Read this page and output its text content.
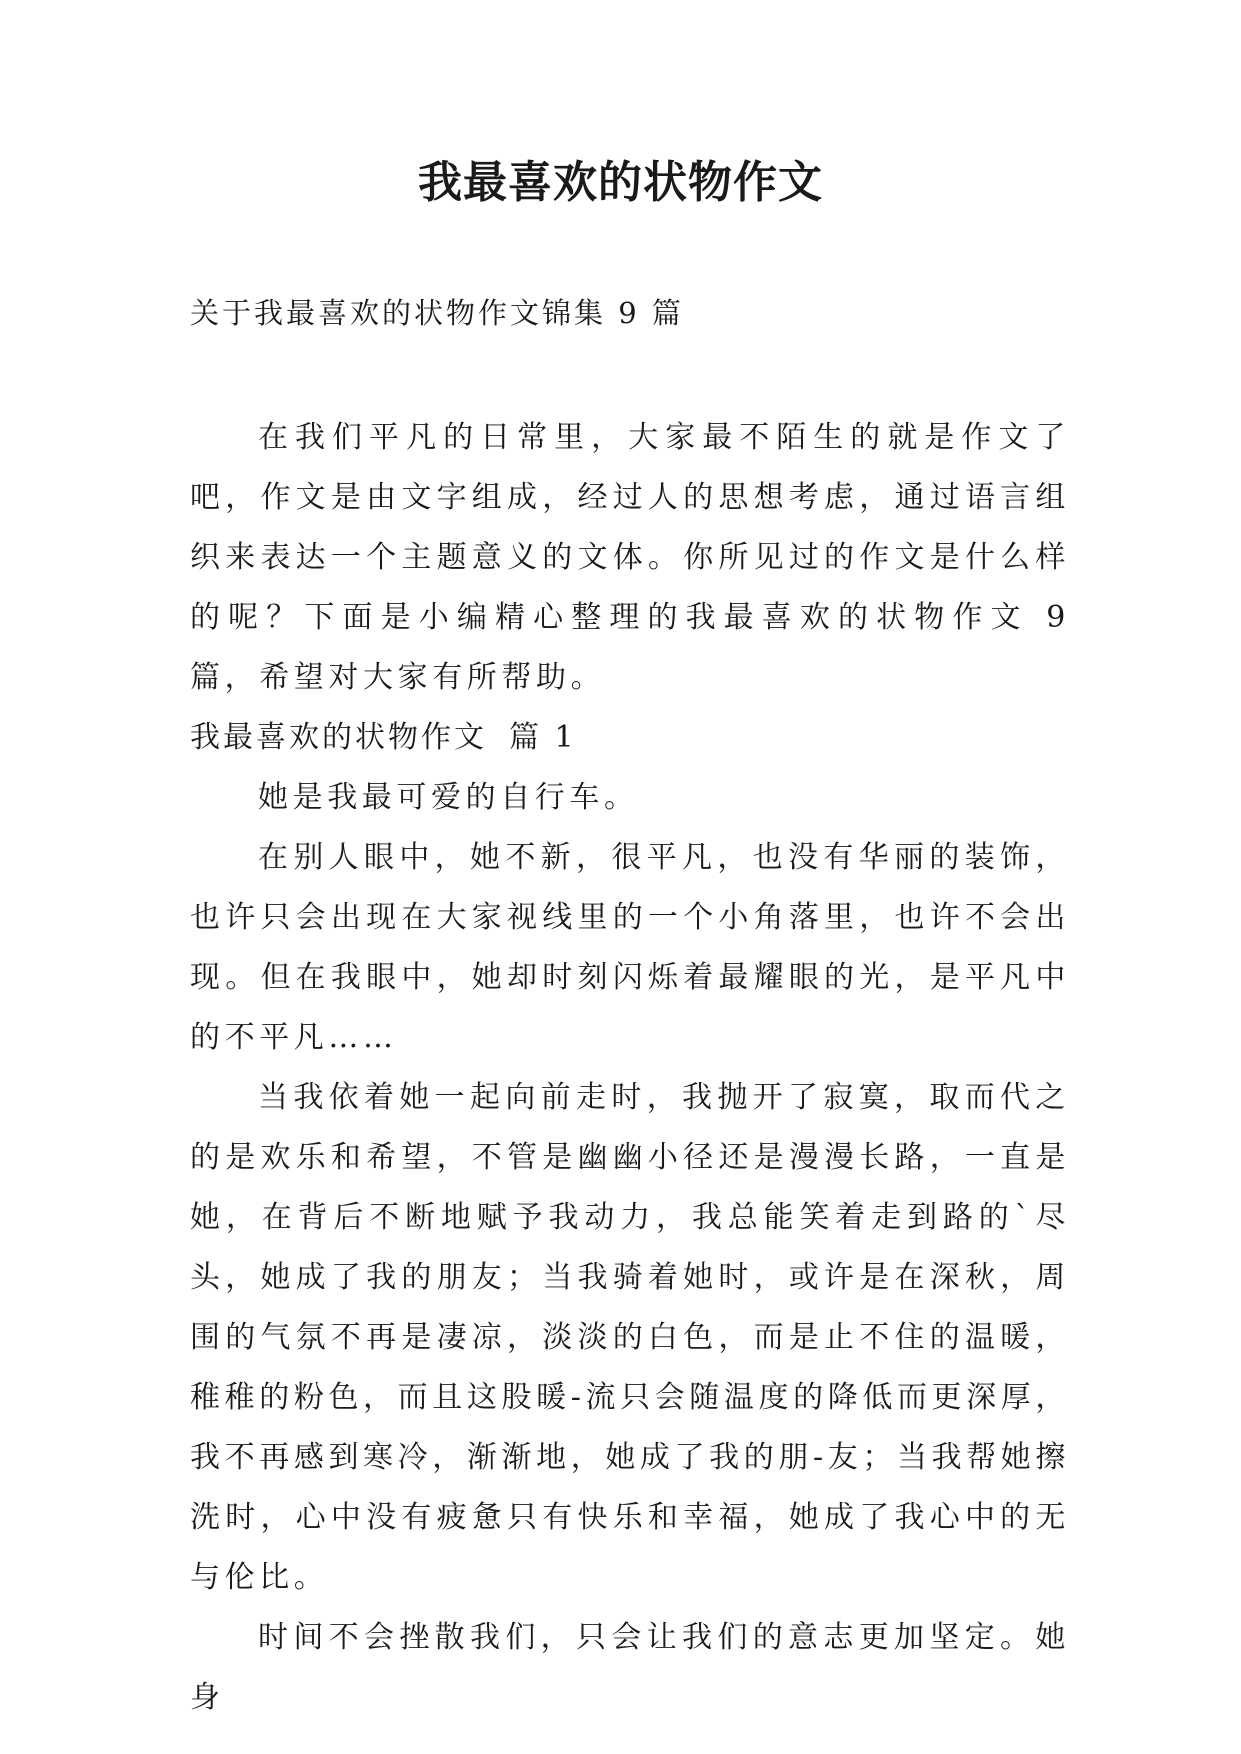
我最喜欢的状物作文

关于我最喜欢的状物作文锦集 9 篇

在我们平凡的日常里，大家最不陌生的就是作文了吧，作文是由文字组成，经过人的思想考虑，通过语言组织来表达一个主题意义的文体。你所见过的作文是什么样的呢？下面是小编精心整理的我最喜欢的状物作文 9 篇，希望对大家有所帮助。

我最喜欢的状物作文 篇 1

她是我最可爱的自行车。

在别人眼中，她不新，很平凡，也没有华丽的装饰，也许只会出现在大家视线里的一个小角落里，也许不会出现。但在我眼中，她却时刻闪烁着最耀眼的光，是平凡中的不平凡……

当我依着她一起向前走时，我抛开了寂寞，取而代之的是欢乐和希望，不管是幽幽小径还是漫漫长路，一直是她，在背后不断地赋予我动力，我总能笑着走到路的`尽头，她成了我的朋友；当我骑着她时，或许是在深秋，周围的气氛不再是凄凉，淡淡的白色，而是止不住的温暖，稚稚的粉色，而且这股暖-流只会随温度的降低而更深厚，我不再感到寒冷，渐渐地，她成了我的朋-友；当我帮她擦洗时，心中没有疲惫只有快乐和幸福，她成了我心中的无与伦比。

时间不会挫散我们，只会让我们的意志更加坚定。她身
